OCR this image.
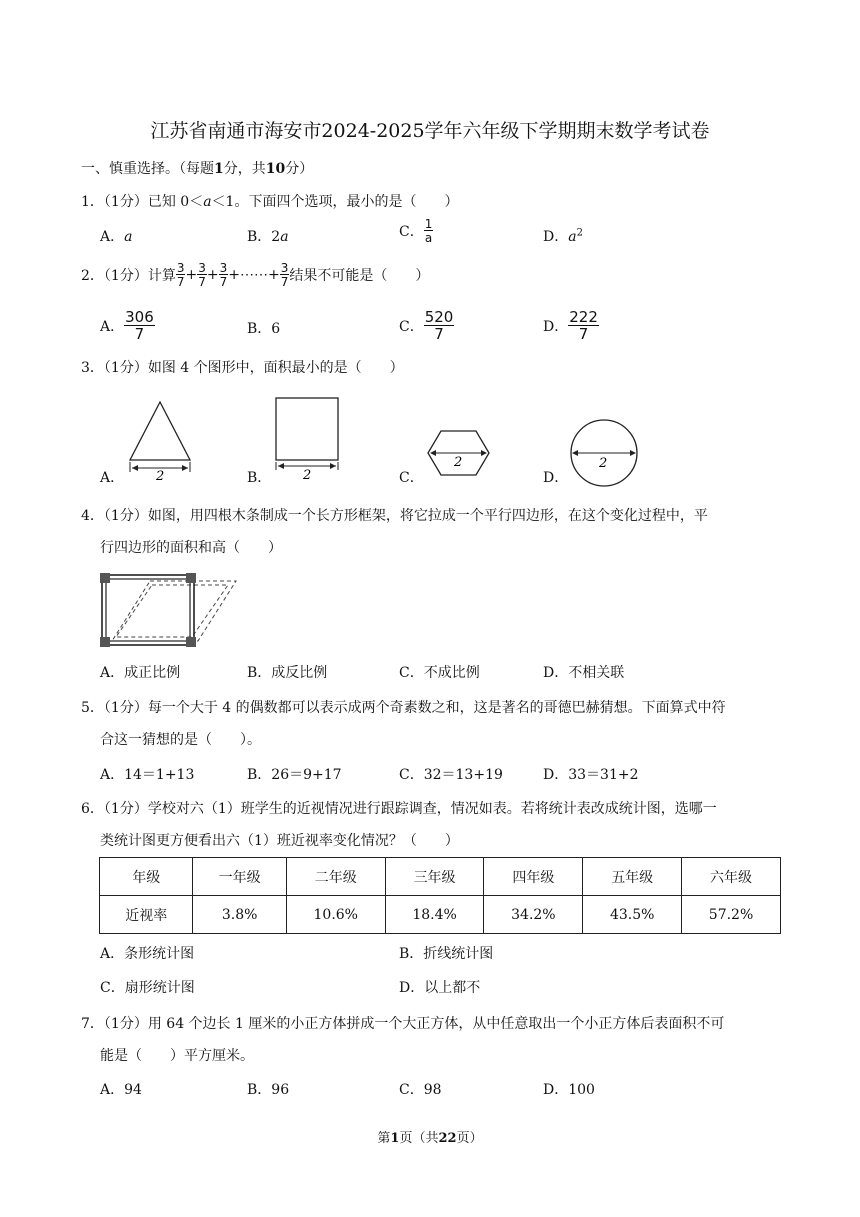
江苏省南通市海安市2024-2025学年六年级下学期期末数学考试卷
一、慎重选择。（每题1分，共10分）
1．（1分）已知 0＜a＜1。下面四个选项，最小的是（　　）
A．a	B．2a	C． $\frac{1}{a}$	D．$a^2$
2．（1分）计算 $\frac{3}{7} + \frac{3}{7} + \frac{3}{7}$ +⋯⋯+ $\frac{3}{7}$ 结果不可能是（　　）
A． $\frac{306}{7}$	B．6	C． $\frac{520}{7}$	D． $\frac{222}{7}$
3．（1分）如图 4 个图形中，面积最小的是（　　）
A． 2	B． 2	C．
2
D．
2
4．（1分）如图，用四根木条制成一个长方形框架，将它拉成一个平行四边形，在这个变化过程中，平
行四边形的面积和高（　　）
A．成正比例	B．成反比例	C．不成比例	D．不相关联
5．（1分）每一个大于 4 的偶数都可以表示成两个奇素数之和，这是著名的哥德巴赫猜想。下面算式中符
合这一猜想的是（　　）。
A．14＝1+13	B．26＝9+17	C．32＝13+19	D．33＝31+2
6．（1分）学校对六（1）班学生的近视情况进行跟踪调查，情况如表。若将统计表改成统计图，选哪一
类统计图更方便看出六（1）班近视率变化情况？（　　）
年级	一年级	二年级	三年级	四年级	五年级	六年级
近视率	3.8%	10.6%	18.4%	34.2%	43.5%	57.2%
A．条形统计图	B．折线统计图
C．扇形统计图	D．以上都不
7．（1分）用 64 个边长 1 厘米的小正方体拼成一个大正方体，从中任意取出一个小正方体后表面积不可
能是（　　）平方厘米。
A．94	B．96	C．98	D．100
第1页（共22页）
